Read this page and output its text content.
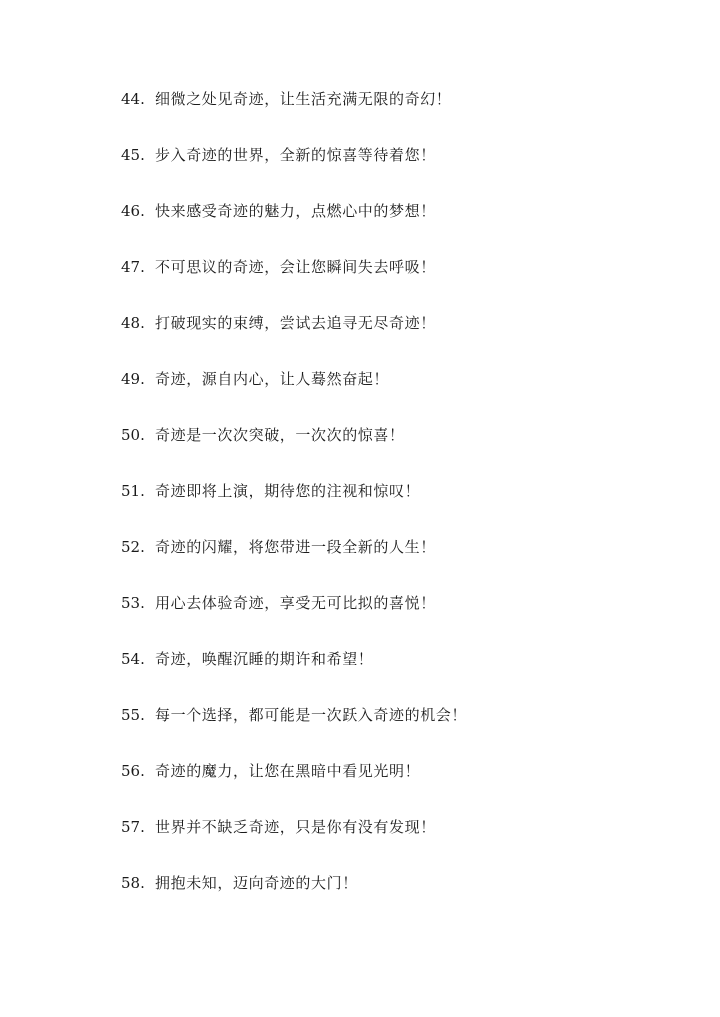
44. 细微之处见奇迹，让生活充满无限的奇幻！
45. 步入奇迹的世界，全新的惊喜等待着您！
46. 快来感受奇迹的魅力，点燃心中的梦想！
47. 不可思议的奇迹，会让您瞬间失去呼吸！
48. 打破现实的束缚，尝试去追寻无尽奇迹！
49. 奇迹，源自内心，让人蓦然奋起！
50. 奇迹是一次次突破，一次次的惊喜！
51. 奇迹即将上演，期待您的注视和惊叹！
52. 奇迹的闪耀，将您带进一段全新的人生！
53. 用心去体验奇迹，享受无可比拟的喜悦！
54. 奇迹，唤醒沉睡的期许和希望！
55. 每一个选择，都可能是一次跃入奇迹的机会！
56. 奇迹的魔力，让您在黑暗中看见光明！
57. 世界并不缺乏奇迹，只是你有没有发现！
58. 拥抱未知，迈向奇迹的大门！
